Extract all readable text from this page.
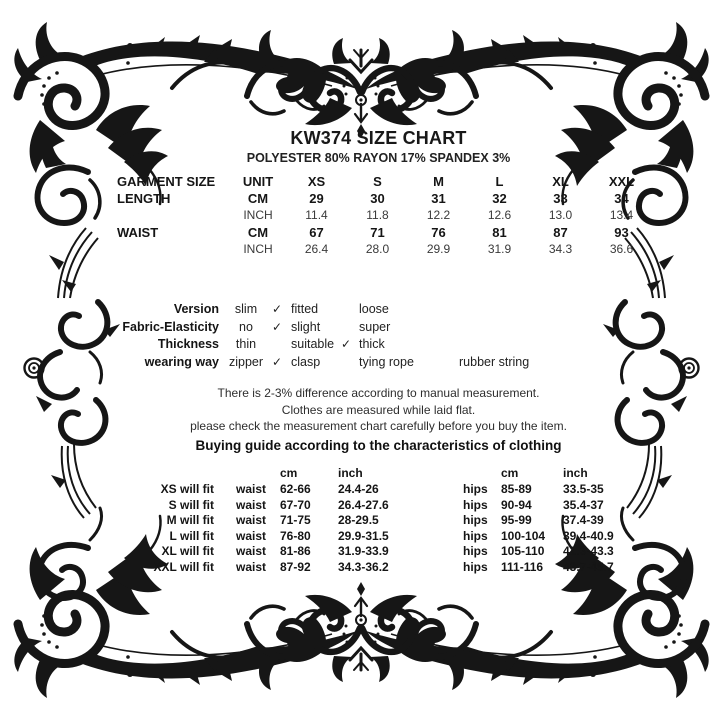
KW374 SIZE CHART
POLYESTER 80% RAYON 17% SPANDEX 3%
GARMENT SIZE	UNIT	XS	S	M	L	XL	XXL
LENGTH	CM	29	30	31	32	33	34
	INCH	11.4	11.8	12.2	12.6	13.0	13.4
WAIST	CM	67	71	76	81	87	93
	INCH	26.4	28.0	29.9	31.9	34.3	36.6
Version		slim	✓	fitted		loose	
Fabric-Elasticity		no	✓	slight		super	
Thickness		thin		suitable	✓	thick	
wearing way		zipper	✓	clasp		tying rope	rubber string
There is 2-3% difference according to manual measurement.
Clothes are measured while laid flat.
please check the measurement chart carefully before you buy the item.
Buying guide according to the characteristics of clothing
			cm	inch		cm	inch
XS will fit		waist	62-66	24.4-26	hips	85-89	33.5-35
S will fit		waist	67-70	26.4-27.6	hips	90-94	35.4-37
M will fit		waist	71-75	28-29.5	hips	95-99	37.4-39
L will fit		waist	76-80	29.9-31.5	hips	100-104	39.4-40.9
XL will fit		waist	81-86	31.9-33.9	hips	105-110	41.3-43.3
XXL will fit		waist	87-92	34.3-36.2	hips	111-116	43.7-45.7
